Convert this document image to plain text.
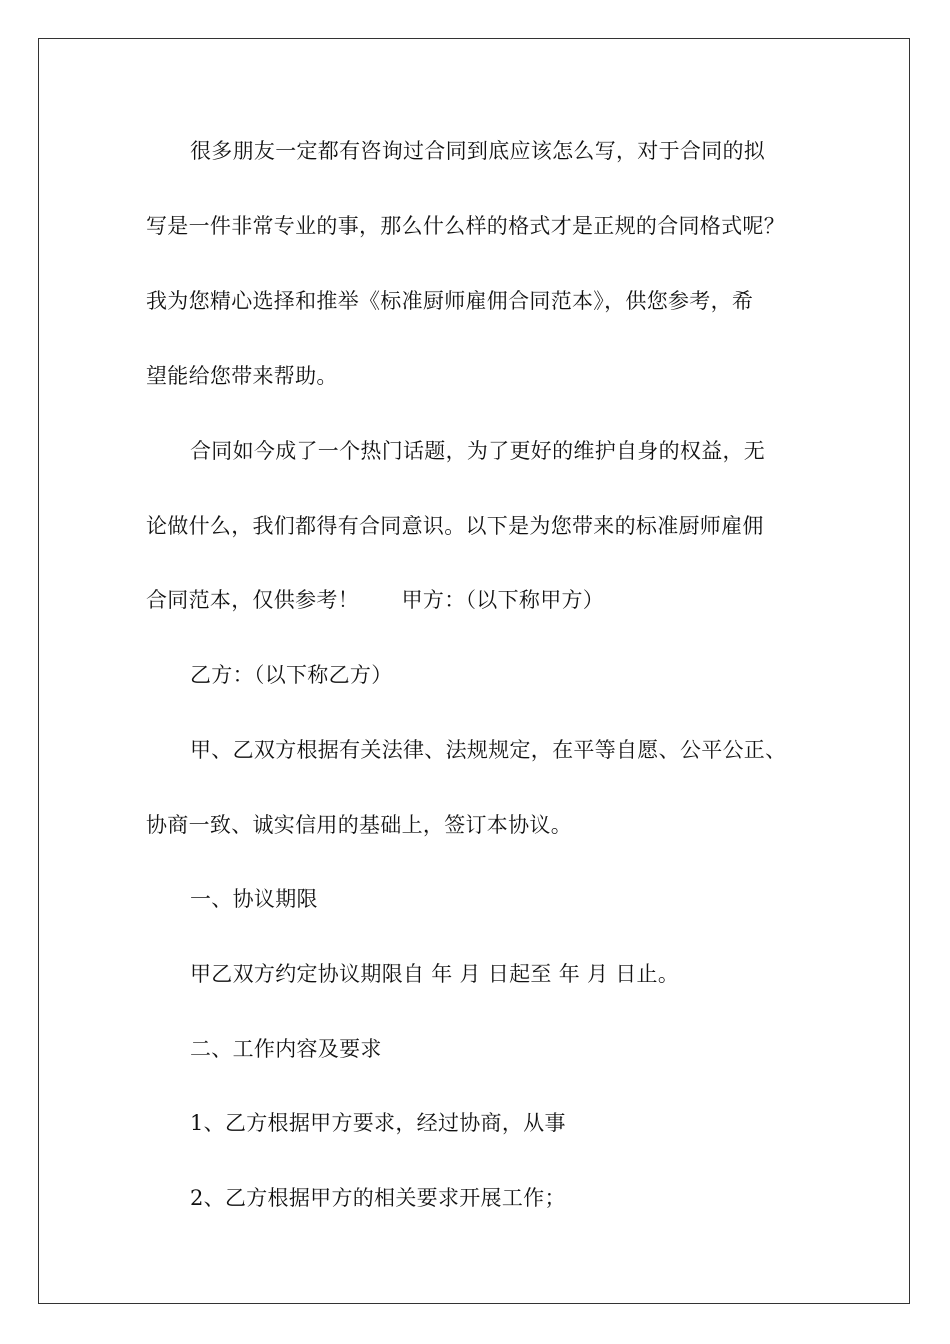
很多朋友一定都有咨询过合同到底应该怎么写，对于合同的拟
写是一件非常专业的事，那么什么样的格式才是正规的合同格式呢？
我为您精心选择和推举《标准厨师雇佣合同范本》，供您参考，希
望能给您带来帮助。
合同如今成了一个热门话题，为了更好的维护自身的权益，无
论做什么，我们都得有合同意识。以下是为您带来的标准厨师雇佣
合同范本，仅供参考！　　甲方：（以下称甲方）
乙方：（以下称乙方）
甲、乙双方根据有关法律、法规规定，在平等自愿、公平公正、
协商一致、诚实信用的基础上，签订本协议。
一、协议期限
甲乙双方约定协议期限自 年 月 日起至 年 月 日止。
二、工作内容及要求
1、乙方根据甲方要求，经过协商，从事
2、乙方根据甲方的相关要求开展工作；
